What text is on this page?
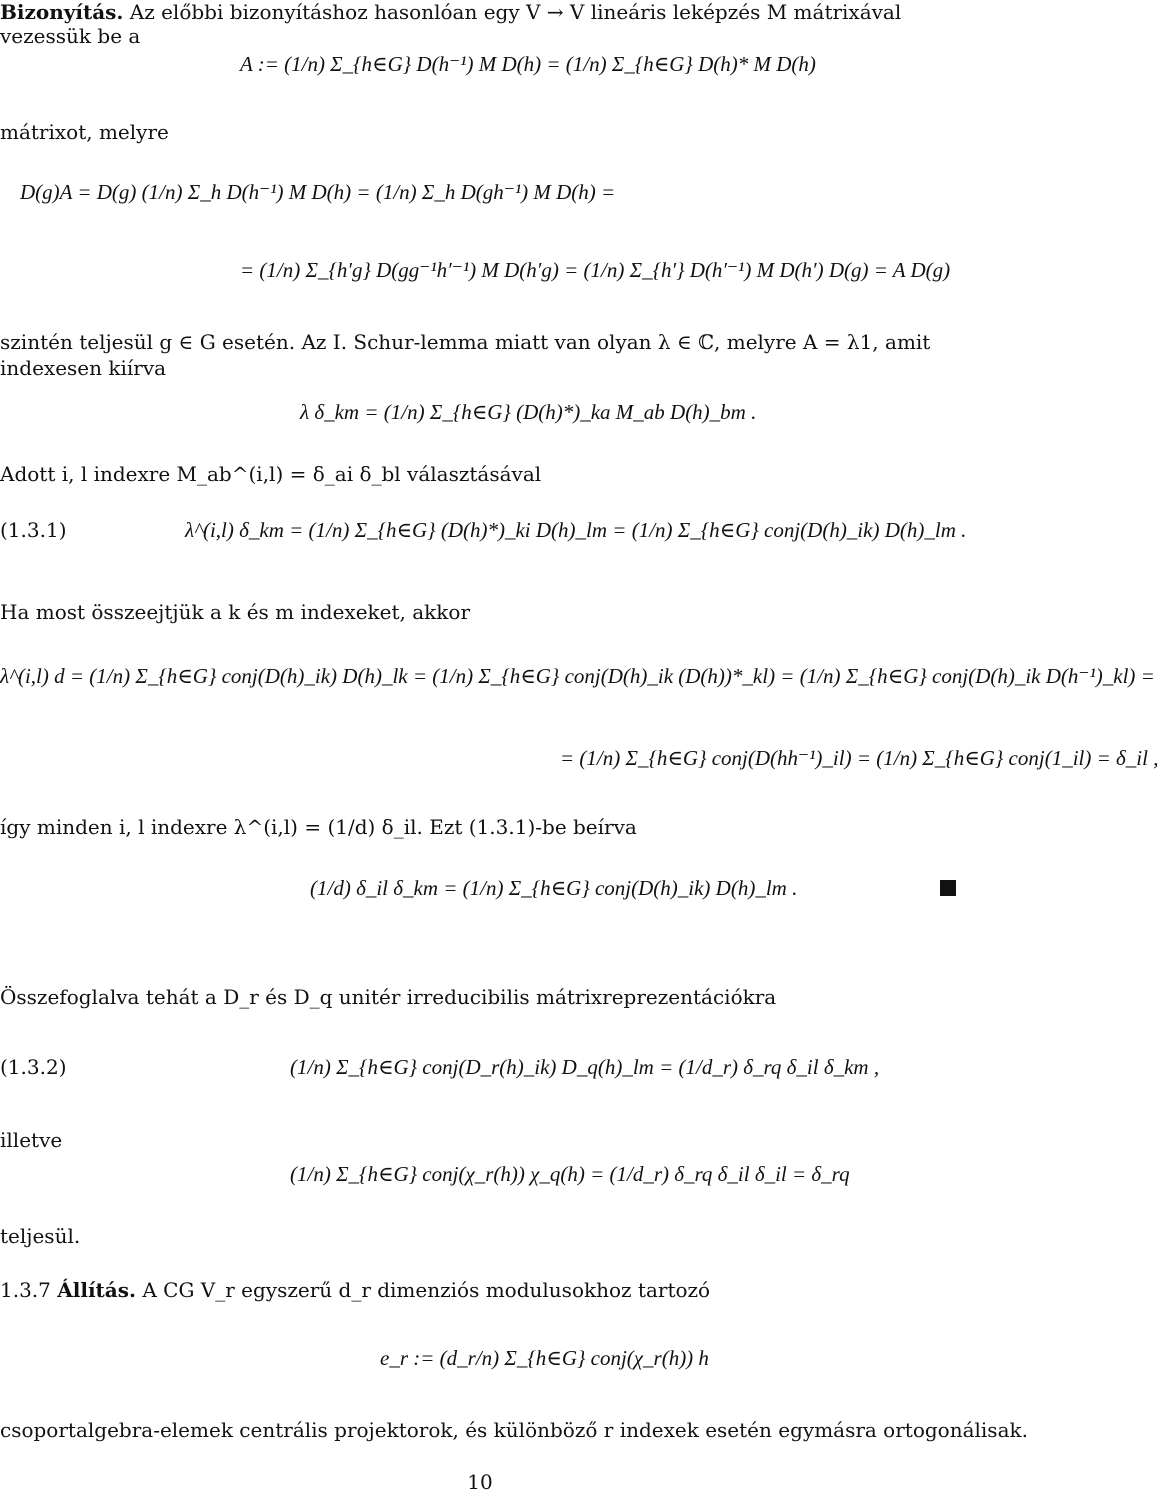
Bizonyítás. Az előbbi bizonyításhoz hasonlóan egy V → V lineáris leképzés M mátrixával
vezessük be a
A := (1/n) Σ_{h∈G} D(h⁻¹) M D(h) = (1/n) Σ_{h∈G} D(h)* M D(h)
mátrixot, melyre
D(g)A = D(g) (1/n) Σ_h D(h⁻¹) M D(h) = (1/n) Σ_h D(gh⁻¹) M D(h) =
= (1/n) Σ_{h′g} D(gg⁻¹h′⁻¹) M D(h′g) = (1/n) Σ_{h′} D(h′⁻¹) M D(h′) D(g) = A D(g)
szintén teljesül g ∈ G esetén. Az I. Schur-lemma miatt van olyan λ ∈ ℂ, melyre A = λ1, amit
indexesen kiírva
λ δ_km = (1/n) Σ_{h∈G} (D(h)*)_ka M_ab D(h)_bm .
Adott i, l indexre M_ab^(i,l) = δ_ai δ_bl választásával
(1.3.1)	λ^(i,l) δ_km = (1/n) Σ_{h∈G} (D(h)*)_ki D(h)_lm = (1/n) Σ_{h∈G} conj(D(h)_ik) D(h)_lm .
Ha most összeejtjük a k és m indexeket, akkor
λ^(i,l) d = (1/n) Σ_{h∈G} conj(D(h)_ik) D(h)_lk = (1/n) Σ_{h∈G} conj(D(h)_ik (D(h))*_kl) = (1/n) Σ_{h∈G} conj(D(h)_ik D(h⁻¹)_kl) =
= (1/n) Σ_{h∈G} conj(D(hh⁻¹)_il) = (1/n) Σ_{h∈G} conj(1_il) = δ_il ,
így minden i, l indexre λ^(i,l) = (1/d) δ_il. Ezt (1.3.1)-be beírva
(1/d) δ_il δ_km = (1/n) Σ_{h∈G} conj(D(h)_ik) D(h)_lm .
Összefoglalva tehát a D_r és D_q unitér irreducibilis mátrixreprezentációkra
(1.3.2)	(1/n) Σ_{h∈G} conj(D_r(h)_ik) D_q(h)_lm = (1/d_r) δ_rq δ_il δ_km ,
illetve
(1/n) Σ_{h∈G} conj(χ_r(h)) χ_q(h) = (1/d_r) δ_rq δ_il δ_il = δ_rq
teljesül.
1.3.7 Állítás. A CG V_r egyszerű d_r dimenziós modulusokhoz tartozó
e_r := (d_r/n) Σ_{h∈G} conj(χ_r(h)) h
csoportalgebra-elemek centrális projektorok, és különböző r indexek esetén egymásra ortogonálisak.
10
